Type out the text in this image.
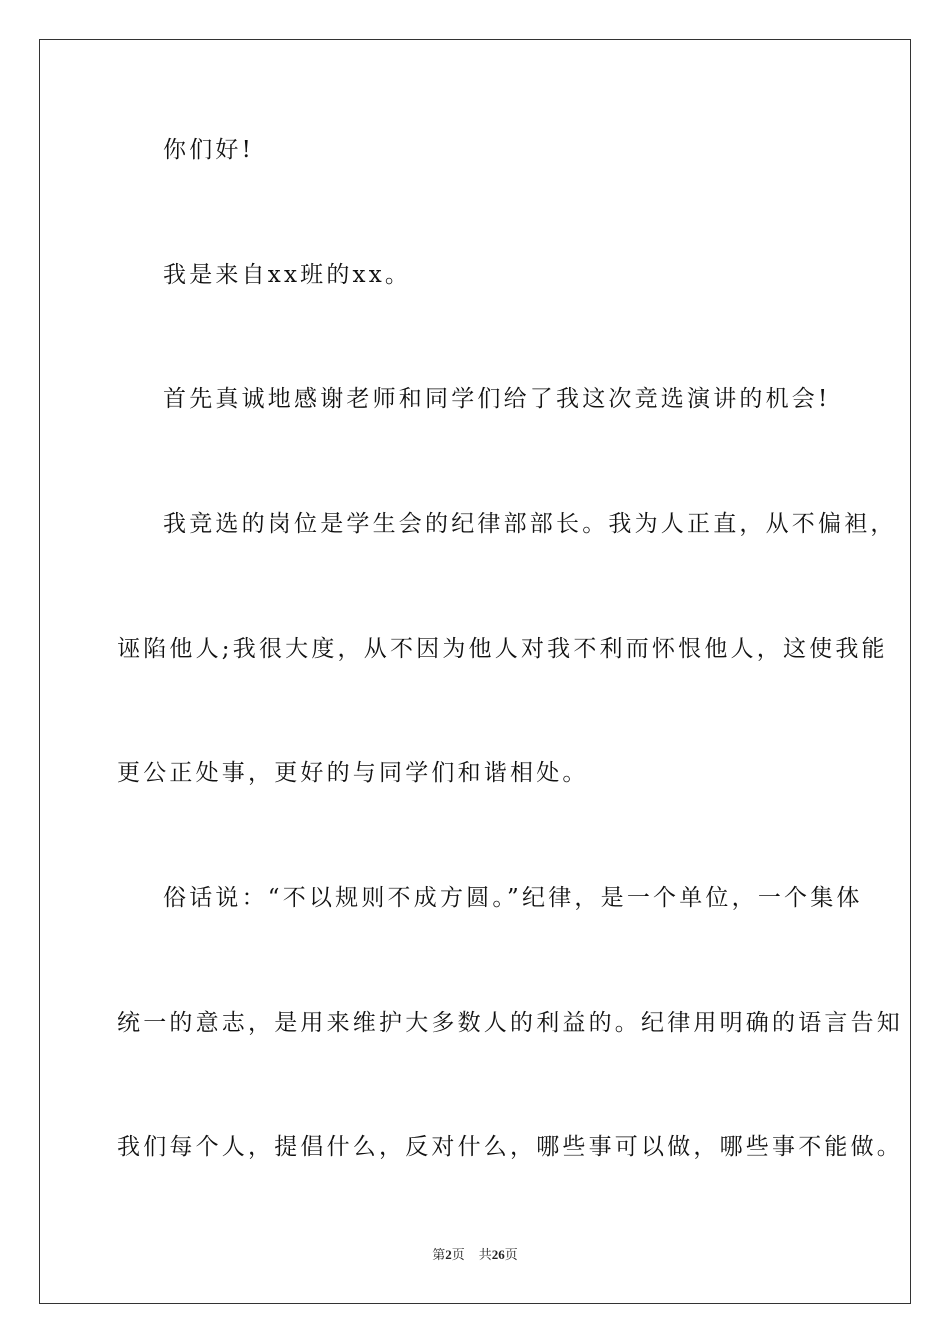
你们好!
我是来自xx班的xx。
首先真诚地感谢老师和同学们给了我这次竞选演讲的机会!
我竞选的岗位是学生会的纪律部部长。我为人正直，从不偏袒，
诬陷他人;我很大度，从不因为他人对我不利而怀恨他人，这使我能
更公正处事，更好的与同学们和谐相处。
俗话说：“不以规则不成方圆。”纪律，是一个单位，一个集体
统一的意志，是用来维护大多数人的利益的。纪律用明确的语言告知
我们每个人，提倡什么，反对什么，哪些事可以做，哪些事不能做。
第2页 共26页
